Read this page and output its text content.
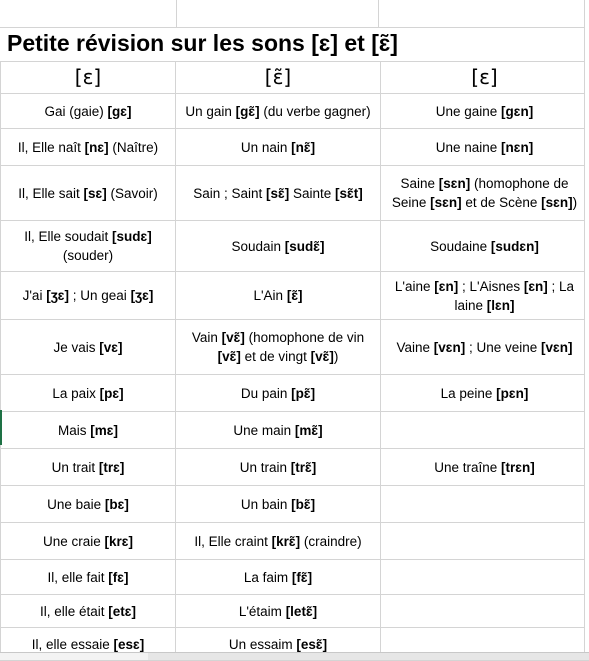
Petite révision sur les sons [ɛ] et [ɛ̃]
[ɛ]	[ɛ̃]	[ɛ]
Gai (gaie) [gɛ]	Un gain [gɛ̃] (du verbe gagner)	Une gaine [gɛn]
Il, Elle naît [nɛ] (Naître)	Un nain [nɛ̃]	Une naine [nɛn]
Il, Elle sait [sɛ] (Savoir)	Sain ; Saint [sɛ̃] Sainte [sɛ̃t]	Saine [sɛn] (homophone de Seine [sɛn] et de Scène [sɛn])
Il, Elle soudait [sudɛ] (souder)	Soudain [sudɛ̃]	Soudaine [sudɛn]
J'ai [ʒɛ] ; Un geai [ʒɛ]	L'Ain [ɛ̃]	L'aine [ɛn] ; L'Aisnes [ɛn] ; La laine [lɛn]
Je vais [vɛ]	Vain [vɛ̃] (homophone de vin [vɛ̃] et de vingt [vɛ̃])	Vaine [vɛn] ; Une veine [vɛn]
La paix [pɛ]	Du pain [pɛ̃]	La peine [pɛn]
Mais [mɛ]	Une main [mɛ̃]	
Un trait [trɛ]	Un train [trɛ̃]	Une traîne [trɛn]
Une baie [bɛ]	Un bain [bɛ̃]	
Une craie [krɛ]	Il, Elle craint [krɛ̃] (craindre)	
Il, elle fait [fɛ]	La faim [fɛ̃]	
Il, elle était [etɛ]	L'étaim [letɛ̃]	
Il, elle essaie [esɛ]	Un essaim [esɛ̃]	
